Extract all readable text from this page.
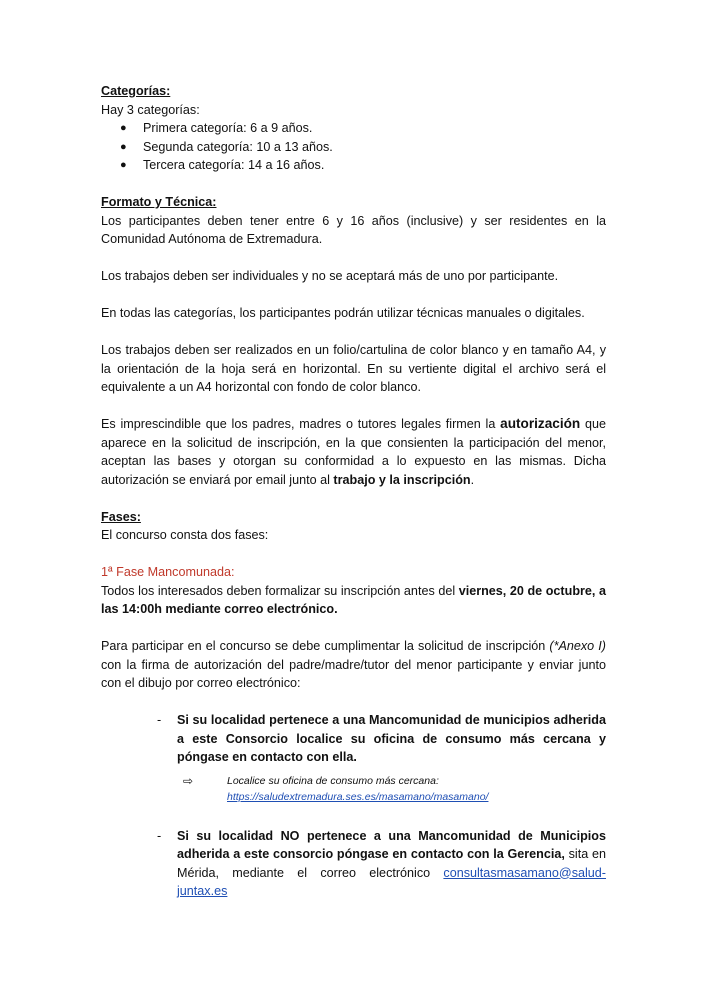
Categorías:

Hay 3 categorías:

● Primera categoría: 6 a 9 años.
● Segunda categoría: 10 a 13 años.
● Tercera categoría: 14 a 16 años.

Formato y Técnica:

Los participantes deben tener entre 6 y 16 años (inclusive) y ser residentes en la Comunidad Autónoma de Extremadura.

Los trabajos deben ser individuales y no se aceptará más de uno por participante.

En todas las categorías, los participantes podrán utilizar técnicas manuales o digitales.

Los trabajos deben ser realizados en un folio/cartulina de color blanco y en tamaño A4, y la orientación de la hoja será en horizontal. En su vertiente digital el archivo será el equivalente a un A4 horizontal con fondo de color blanco.

Es imprescindible que los padres, madres o tutores legales firmen la autorización que aparece en la solicitud de inscripción, en la que consienten la participación del menor, aceptan las bases y otorgan su conformidad a lo expuesto en las mismas. Dicha autorización se enviará por email junto al trabajo y la inscripción.

Fases:

El concurso consta dos fases:

1ª Fase Mancomunada:

Todos los interesados deben formalizar su inscripción antes del viernes, 20 de octubre, a las 14:00h mediante correo electrónico.

Para participar en el concurso se debe cumplimentar la solicitud de inscripción (*Anexo I) con la firma de autorización del padre/madre/tutor del menor participante y enviar junto con el dibujo por correo electrónico:

- Si su localidad pertenece a una Mancomunidad de municipios adherida a este Consorcio localice su oficina de consumo más cercana y póngase en contacto con ella.

⇨	Localice su oficina de consumo más cercana:
https://saludextremadura.ses.es/masamano/masamano/

- Si su localidad NO pertenece a una Mancomunidad de Municipios adherida a este consorcio póngase en contacto con la Gerencia, sita en Mérida, mediante el correo electrónico consultasmasamano@salud-juntax.es
